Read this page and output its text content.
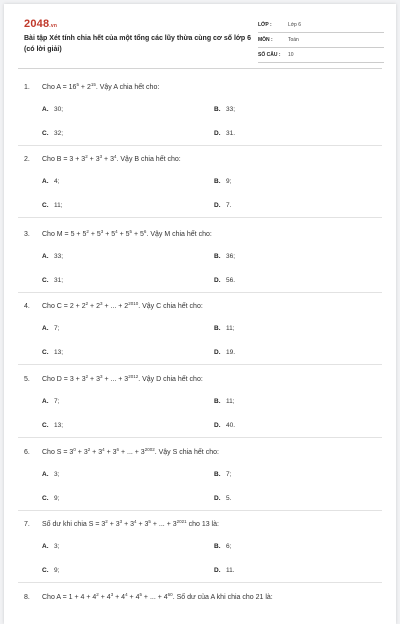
2048.vn
Bài tập Xét tính chia hết của một tổng các lũy thừa cùng cơ số lớp 6 (có lời giải)
LỚP :	Lớp 6
MÔN :	Toán
SỐ CÂU : 10
1. Cho $A = 16^5 + 2^{15}$. Vậy A chia hết cho:
A. 30;	B. 33;
C. 32;	D. 31.
2. Cho $B = 3 + 3^2 + 3^3 + 3^4$. Vậy B chia hết cho:
A. 4;	B. 9;
C. 11;	D. 7.
3. Cho $M = 5 + 5^2 + 5^3 + 5^4 + 5^5 + 5^6$. Vậy M chia hết cho:
A. 33;	B. 36;
C. 31;	D. 56.
4. Cho $C = 2 + 2^2 + 2^3$ + ... + $2^{2010}$. Vậy C chia hết cho:
A. 7;	B. 11;
C. 13;	D. 19.
5. Cho $D = 3 + 3^2 + 3^3$ + ... + $3^{2012}$. Vậy D chia hết cho:
A. 7;	B. 11;
C. 13;	D. 40.
6. Cho $S = 3^0 + 3^2 + 3^4 + 3^6$ + ... + $3^{2002}$. Vậy S chia hết cho:
A. 3;	B. 7;
C. 9;	D. 5.
7. Số dư khi chia $S = 3^2 + 3^3 + 3^4 + 3^5$ + ... + $3^{2021}$ cho 13 là:
A. 3;	B. 6;
C. 9;	D. 11.
8. Cho $A = 1 + 4 + 4^2 + 4^3 + 4^4 + 4^5$ + ... + $4^{60}$. Số dư của A khi chia cho 21 là:
